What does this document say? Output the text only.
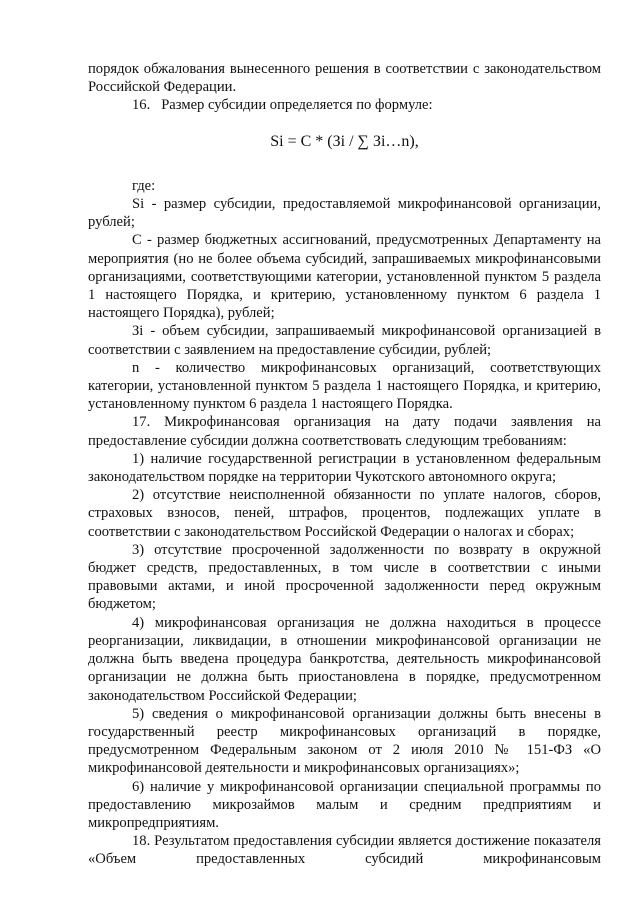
порядок обжалования вынесенного решения в соответствии с законодательством Российской Федерации.

16.   Размер субсидии определяется по формуле:

Si = C * (Зi / ∑ Зi…n),

где:

Si - размер субсидии, предоставляемой микрофинансовой организации, рублей;

С - размер бюджетных ассигнований, предусмотренных Департаменту на мероприятия (но не более объема субсидий, запрашиваемых микрофинансовыми организациями, соответствующими категории, установленной пунктом 5 раздела 1 настоящего Порядка, и критерию, установленному пунктом 6 раздела 1 настоящего Порядка), рублей;

Зi - объем субсидии, запрашиваемый микрофинансовой организацией в соответствии с заявлением на предоставление субсидии, рублей;

n - количество микрофинансовых организаций, соответствующих категории, установленной пунктом 5 раздела 1 настоящего Порядка, и критерию, установленному пунктом 6 раздела 1 настоящего Порядка.

17. Микрофинансовая организация на дату подачи заявления на предоставление субсидии должна соответствовать следующим требованиям:

1) наличие государственной регистрации в установленном федеральным законодательством порядке на территории Чукотского автономного округа;

2) отсутствие неисполненной обязанности по уплате налогов, сборов, страховых взносов, пеней, штрафов, процентов, подлежащих уплате в соответствии с законодательством Российской Федерации о налогах и сборах;

3) отсутствие просроченной задолженности по возврату в окружной бюджет средств, предоставленных, в том числе в соответствии с иными правовыми актами, и иной просроченной задолженности перед окружным бюджетом;

4) микрофинансовая организация не должна находиться в процессе реорганизации, ликвидации, в отношении микрофинансовой организации не должна быть введена процедура банкротства, деятельность микрофинансовой организации не должна быть приостановлена в порядке, предусмотренном законодательством Российской Федерации;

5) сведения о микрофинансовой организации должны быть внесены в государственный реестр микрофинансовых организаций в порядке, предусмотренном Федеральным законом от 2 июля 2010 № 151-ФЗ «О микрофинансовой деятельности и микрофинансовых организациях»;

6) наличие у микрофинансовой организации специальной программы по предоставлению микрозаймов малым и средним предприятиям и микропредприятиям.

18. Результатом предоставления субсидии является достижение показателя «Объем предоставленных субсидий микрофинансовым
